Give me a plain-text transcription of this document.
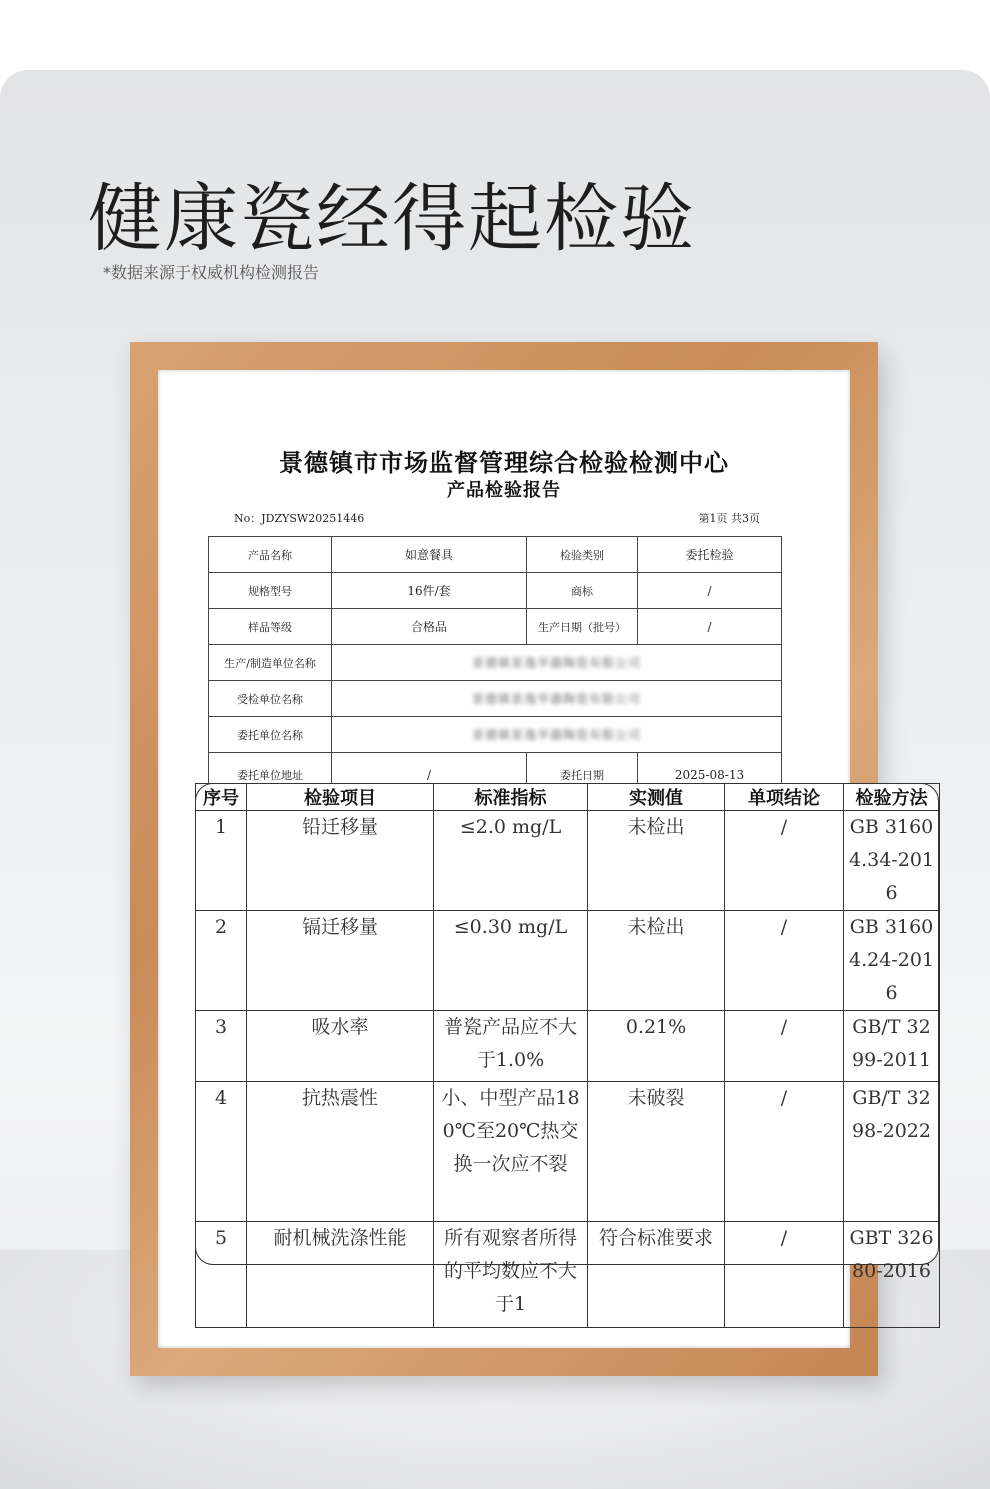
健康瓷经得起检验
*数据来源于权威机构检测报告
景德镇市市场监督管理综合检验检测中心
产品检验报告
No：JDZYSW20251446	第1页 共3页
产品名称	如意餐具	检验类别	委托检验
规格型号	16件/套	商标	/
样品等级	合格品	生产日期（批号）	/
生产/制造单位名称	景德镇景逸华器陶瓷有限公司		
受检单位名称	景德镇景逸华器陶瓷有限公司		
委托单位名称	景德镇景逸华器陶瓷有限公司		
委托单位地址	/	委托日期	2025-08-13

序号	检验项目	标准指标	实测值	单项结论	检验方法
1	铅迁移量	≤2.0 mg/L	未检出	/	GB 31604.34-2016
2	镉迁移量	≤0.30 mg/L	未检出	/	GB 31604.24-2016
3	吸水率	普瓷产品应不大于1.0%	0.21%	/	GB/T 3299-2011
4	抗热震性	小、中型产品180℃至20℃热交换一次应不裂	未破裂	/	GB/T 3298-2022
5	耐机械洗涤性能	所有观察者所得的平均数应不大于1	符合标准要求	/	GBT 32680-2016
